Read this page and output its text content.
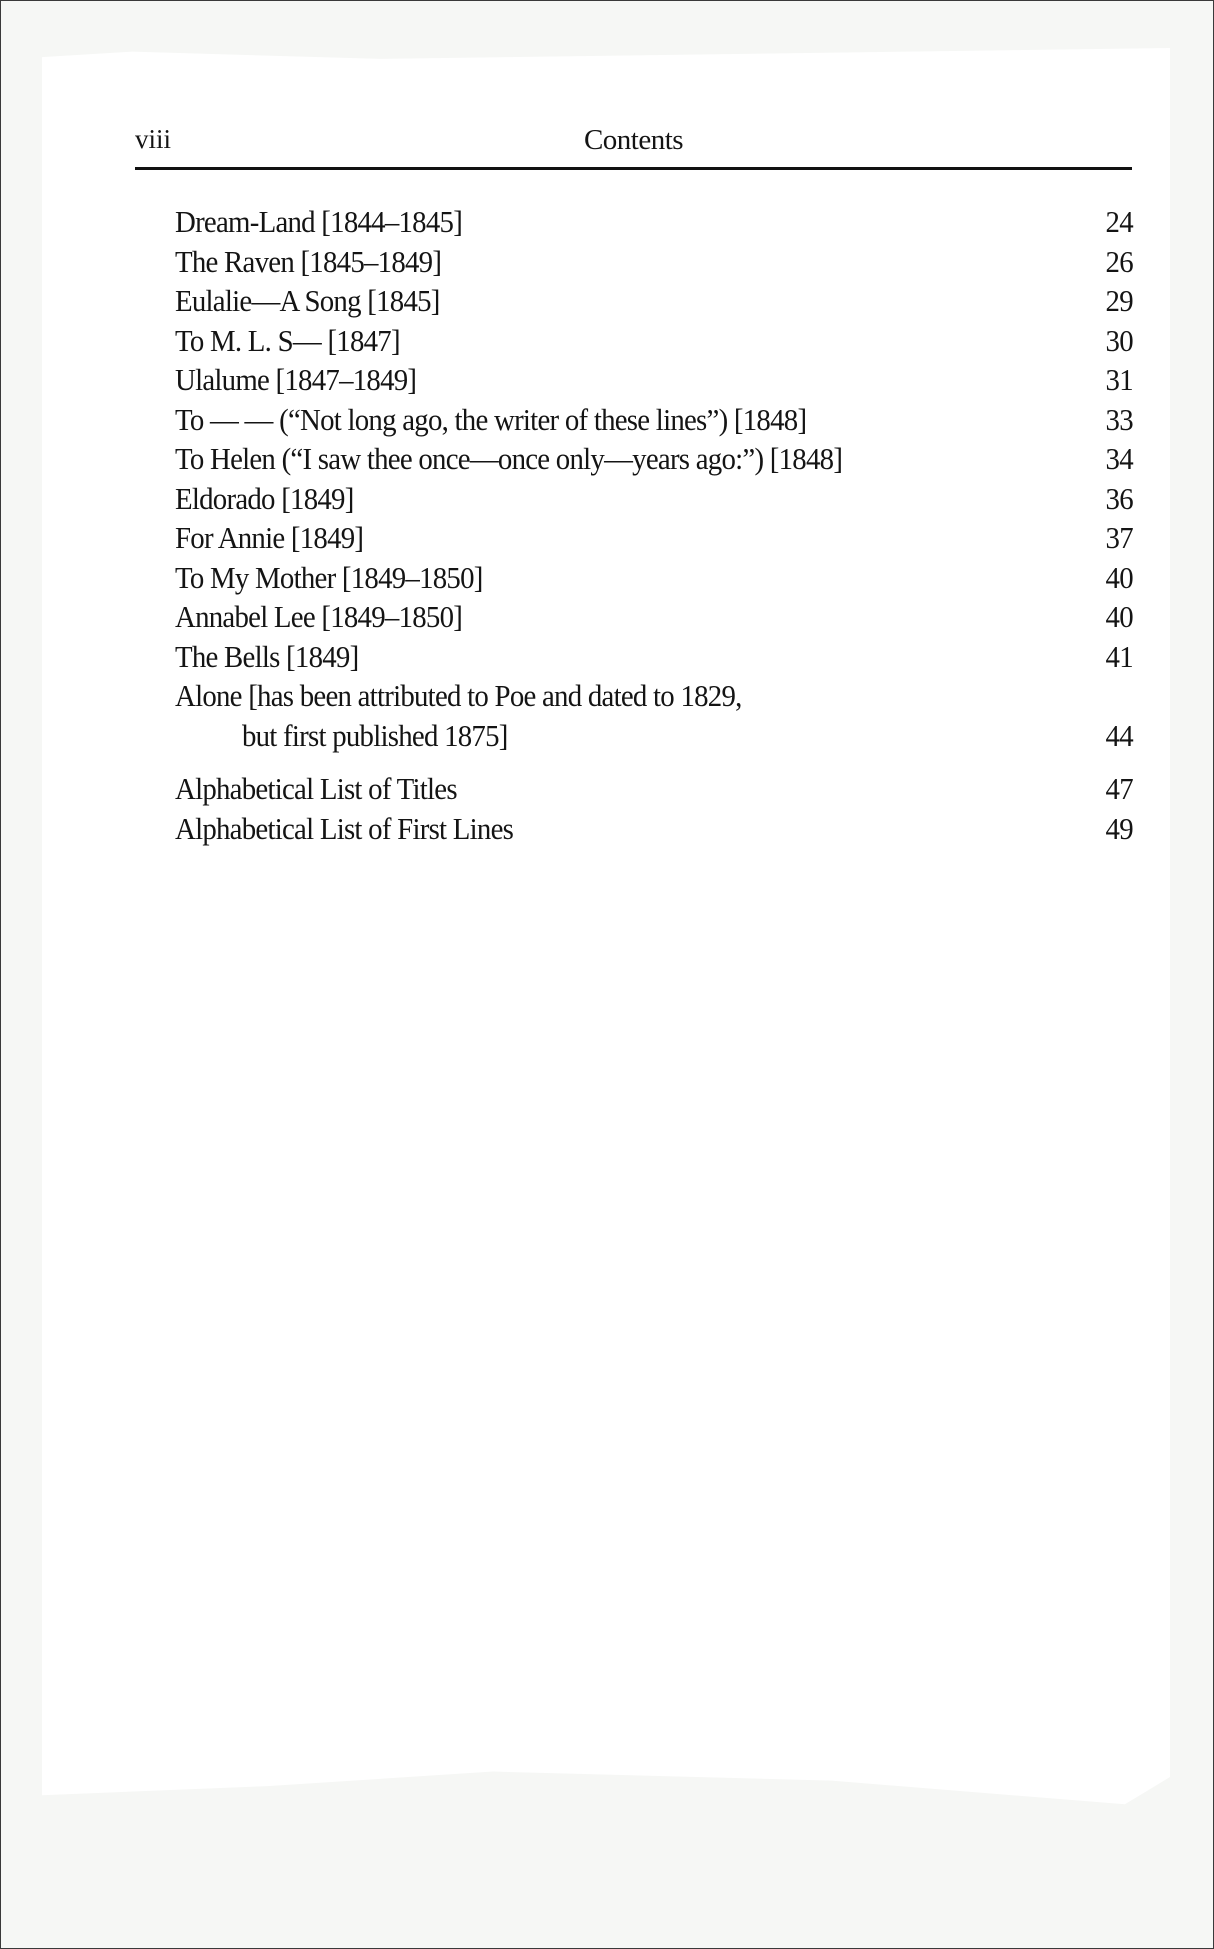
viii	Contents
Dream-Land [1844–1845]	24
The Raven [1845–1849]	26
Eulalie—A Song [1845]	29
To M. L. S— [1847]	30
Ulalume [1847–1849]	31
To — — (“Not long ago, the writer of these lines”) [1848]	33
To Helen (“I saw thee once—once only—years ago:”) [1848]	34
Eldorado [1849]	36
For Annie [1849]	37
To My Mother [1849–1850]	40
Annabel Lee [1849–1850]	40
The Bells [1849]	41
Alone [has been attributed to Poe and dated to 1829,
but first published 1875]	44
Alphabetical List of Titles	47
Alphabetical List of First Lines	49
